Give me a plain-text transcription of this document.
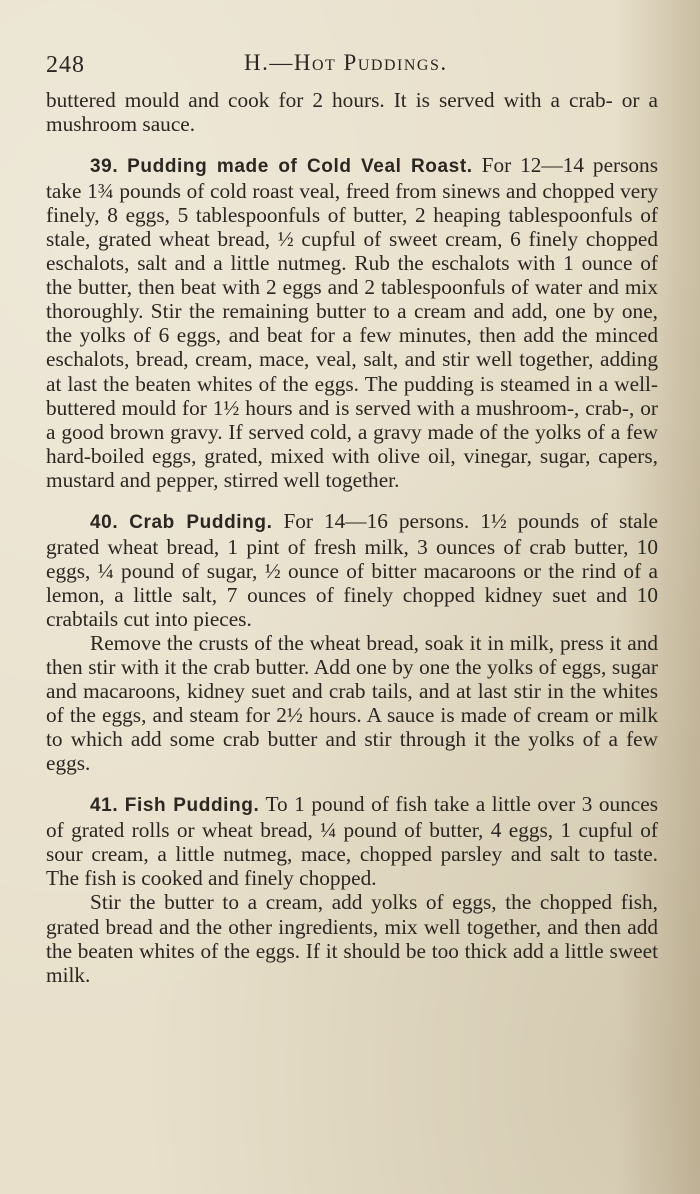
248	H.—Hot Puddings.

buttered mould and cook for 2 hours. It is served with a crab- or a mushroom sauce.

39. Pudding made of Cold Veal Roast. For 12—14 persons take 1¾ pounds of cold roast veal, freed from sinews and chopped very finely, 8 eggs, 5 tablespoonfuls of butter, 2 heaping tablespoonfuls of stale, grated wheat bread, ½ cupful of sweet cream, 6 finely chopped eschalots, salt and a little nutmeg. Rub the eschalots with 1 ounce of the butter, then beat with 2 eggs and 2 tablespoonfuls of water and mix thoroughly. Stir the remaining butter to a cream and add, one by one, the yolks of 6 eggs, and beat for a few minutes, then add the minced eschalots, bread, cream, mace, veal, salt, and stir well together, adding at last the beaten whites of the eggs. The pudding is steamed in a well-buttered mould for 1½ hours and is served with a mushroom-, crab-, or a good brown gravy. If served cold, a gravy made of the yolks of a few hard-boiled eggs, grated, mixed with olive oil, vinegar, sugar, capers, mustard and pepper, stirred well together.

40. Crab Pudding. For 14—16 persons. 1½ pounds of stale grated wheat bread, 1 pint of fresh milk, 3 ounces of crab butter, 10 eggs, ¼ pound of sugar, ½ ounce of bitter macaroons or the rind of a lemon, a little salt, 7 ounces of finely chopped kidney suet and 10 crabtails cut into pieces.

Remove the crusts of the wheat bread, soak it in milk, press it and then stir with it the crab butter. Add one by one the yolks of eggs, sugar and macaroons, kidney suet and crab tails, and at last stir in the whites of the eggs, and steam for 2½ hours. A sauce is made of cream or milk to which add some crab butter and stir through it the yolks of a few eggs.

41. Fish Pudding. To 1 pound of fish take a little over 3 ounces of grated rolls or wheat bread, ¼ pound of butter, 4 eggs, 1 cupful of sour cream, a little nutmeg, mace, chopped parsley and salt to taste. The fish is cooked and finely chopped.

Stir the butter to a cream, add yolks of eggs, the chopped fish, grated bread and the other ingredients, mix well together, and then add the beaten whites of the eggs. If it should be too thick add a little sweet milk.
